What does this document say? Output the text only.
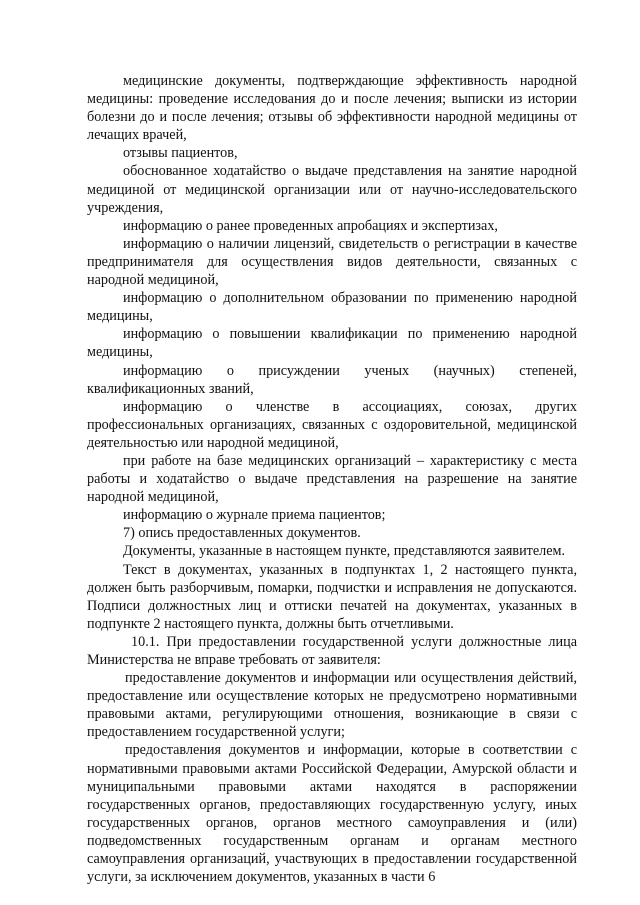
медицинские документы, подтверждающие эффективность народной медицины: проведение исследования до и после лечения; выписки из истории болезни до и после лечения; отзывы об эффективности народной медицины от лечащих врачей,

отзывы пациентов,

обоснованное ходатайство о выдаче представления на занятие народной медициной от медицинской организации или от научно-исследовательского учреждения,

информацию о ранее проведенных апробациях и экспертизах,

информацию о наличии лицензий, свидетельств о регистрации в качестве предпринимателя для осуществления видов деятельности, связанных с народной медициной,

информацию о дополнительном образовании по применению народной медицины,

информацию о повышении квалификации по применению народной медицины,

информацию о присуждении ученых (научных) степеней, квалификационных званий,

информацию о членстве в ассоциациях, союзах, других профессиональных организациях, связанных с оздоровительной, медицинской деятельностью или народной медициной,

при работе на базе медицинских организаций – характеристику с места работы и ходатайство о выдаче представления на разрешение на занятие народной медициной,

информацию о журнале приема пациентов;

7) опись предоставленных документов.

Документы, указанные в настоящем пункте, представляются заявителем.

Текст в документах, указанных в подпунктах 1, 2 настоящего пункта, должен быть разборчивым, помарки, подчистки и исправления не допускаются. Подписи должностных лиц и оттиски печатей на документах, указанных в подпункте 2 настоящего пункта, должны быть отчетливыми.

10.1. При предоставлении государственной услуги должностные лица Министерства не вправе требовать от заявителя:

предоставление документов и информации или осуществления действий, предоставление или осуществление которых не предусмотрено нормативными правовыми актами, регулирующими отношения, возникающие в связи с предоставлением государственной услуги;

предоставления документов и информации, которые в соответствии с нормативными правовыми актами Российской Федерации, Амурской области и муниципальными правовыми актами находятся в распоряжении государственных органов, предоставляющих государственную услугу, иных государственных органов, органов местного самоуправления и (или) подведомственных государственным органам и органам местного самоуправления организаций, участвующих в предоставлении государственной услуги, за исключением документов, указанных в части 6
